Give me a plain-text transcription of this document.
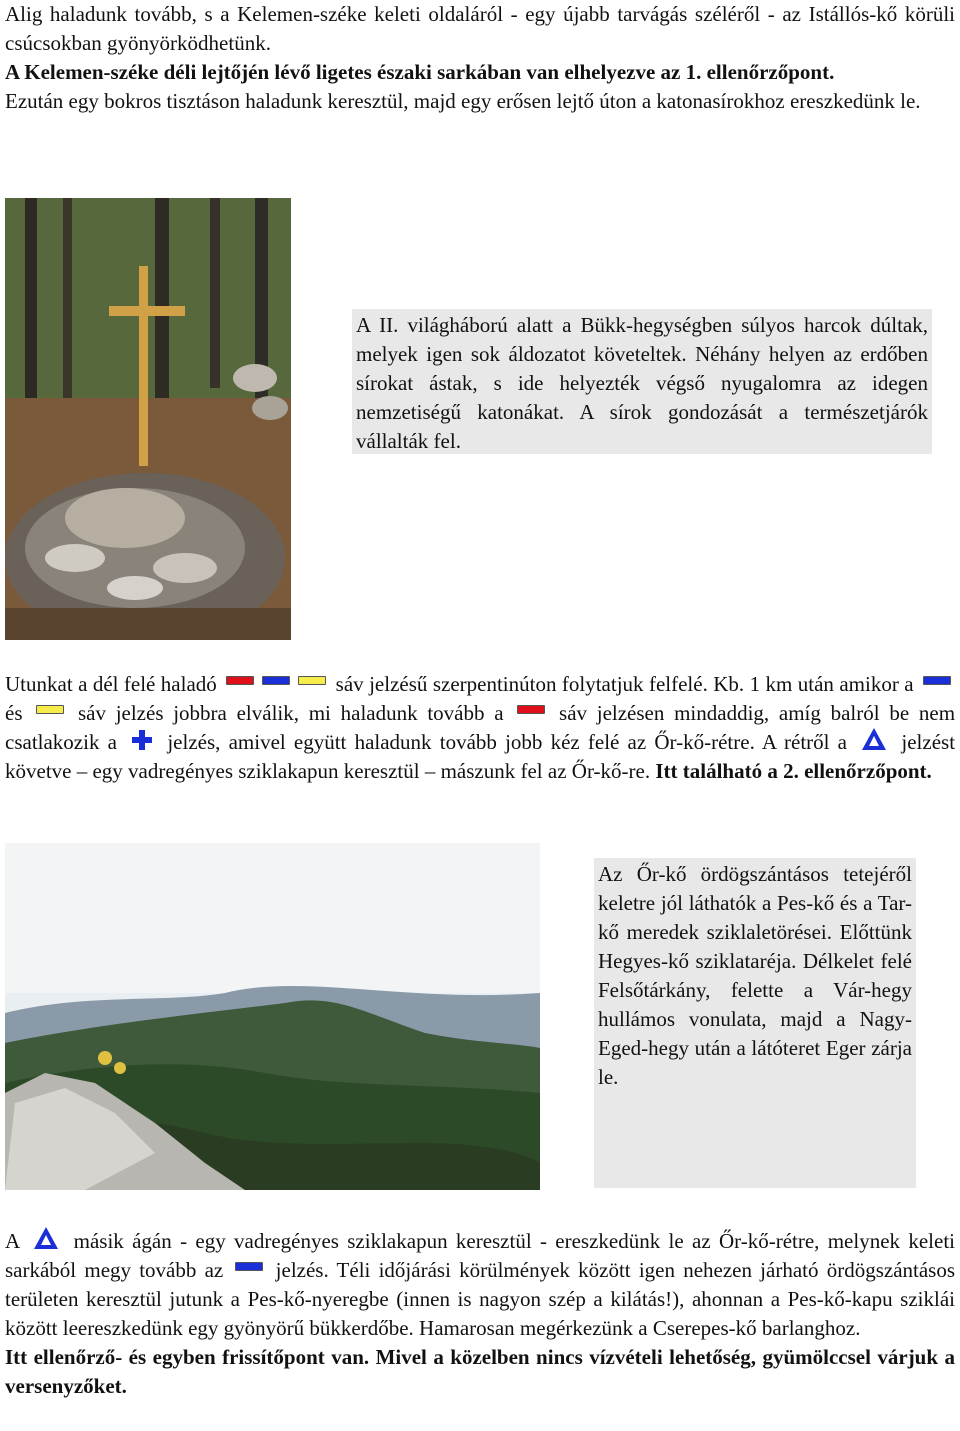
Alig haladunk tovább, s a Kelemen-széke keleti oldaláról - egy újabb tarvágás széléről - az Istállós-kő körüli csúcsokban gyönyörködhetünk.
A Kelemen-széke déli lejtőjén lévő ligetes északi sarkában van elhelyezve az 1. ellenőrzőpont.
Ezután egy bokros tisztáson haladunk keresztül, majd egy erősen lejtő úton a katonasírokhoz ereszkedünk le.
A II. világháború alatt a Bükk-hegységben súlyos harcok dúltak, melyek igen sok áldozatot követeltek. Néhány helyen az erdőben sírokat ástak, s ide helyezték végső nyugalomra az idegen nemzetiségű katonákat. A sírok gondozását a természetjárók vállalták fel.
Utunkat a dél felé haladó	sáv jelzésű szerpentinúton folytatjuk felfelé. Kb. 1 km után amikor a  és	sáv jelzés jobbra elválik, mi haladunk tovább a	sáv jelzésen mindaddig, amíg balról be nem csatlakozik a jelzés, amivel együtt haladunk tovább jobb kéz felé az Őr-kő-rétre. A rétről a	jelzést követve – egy vadregényes sziklakapun keresztül – mászunk fel az Őr-kő-re. Itt található a 2. ellenőrzőpont.
Az Őr-kő ördögszántásos tetejéről keletre jól láthatók a Pes-kő és a Tar-kő meredek sziklaletörései. Előttünk Hegyes-kő sziklataréja. Délkelet felé Felsőtárkány, felette a Vár-hegy hullámos vonulata, majd a Nagy-Eged-hegy után a látóteret Eger zárja le.
A	másik ágán - egy vadregényes sziklakapun keresztül - ereszkedünk le az Őr-kő-rétre, melynek keleti sarkából megy tovább az jelzés. Téli időjárási körülmények között igen nehezen járható ördögszántásos területen keresztül jutunk a Pes-kő-nyeregbe (innen is nagyon szép a kilátás!), ahonnan a Pes-kő-kapu sziklái között leereszkedünk egy gyönyörű bükkerdőbe. Hamarosan megérkezünk a Cserepes-kő barlanghoz.
Itt ellenőrző- és egyben frissítőpont van. Mivel a közelben nincs vízvételi lehetőség, gyümölccsel várjuk a versenyzőket.
